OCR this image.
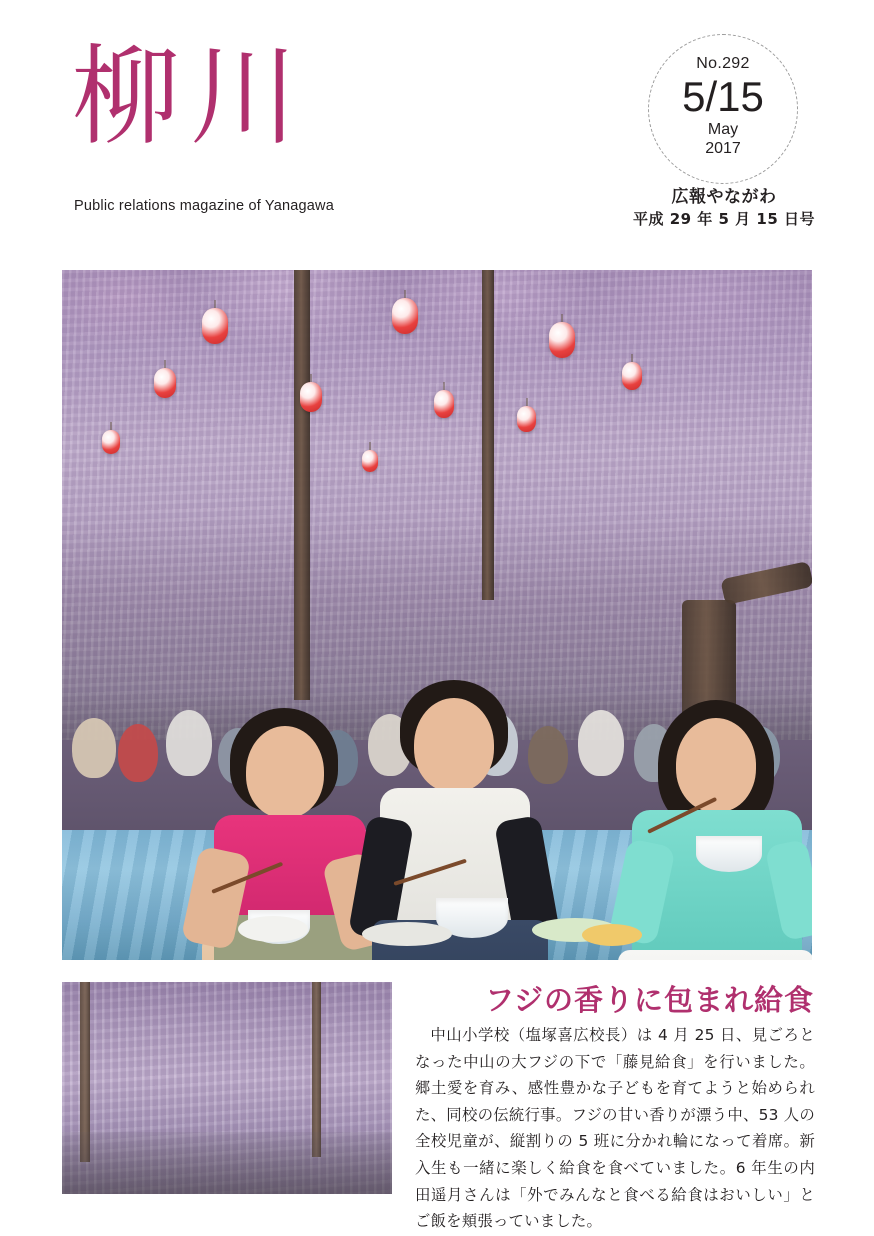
柳川
Public relations magazine of Yanagawa
No.292
5/15
May
2017
広報やながわ
平成 29 年 5 月 15 日号
フジの香りに包まれ給食

中山小学校（塩塚喜広校長）は 4 月 25 日、見ごろとなった中山の大フジの下で「藤見給食」を行いました。郷土愛を育み、感性豊かな子どもを育てようと始められた、同校の伝統行事。フジの甘い香りが漂う中、53 人の全校児童が、縦割りの 5 班に分かれ輪になって着席。新入生も一緒に楽しく給食を食べていました。6 年生の内田遥月さんは「外でみんなと食べる給食はおいしい」とご飯を頬張っていました。
